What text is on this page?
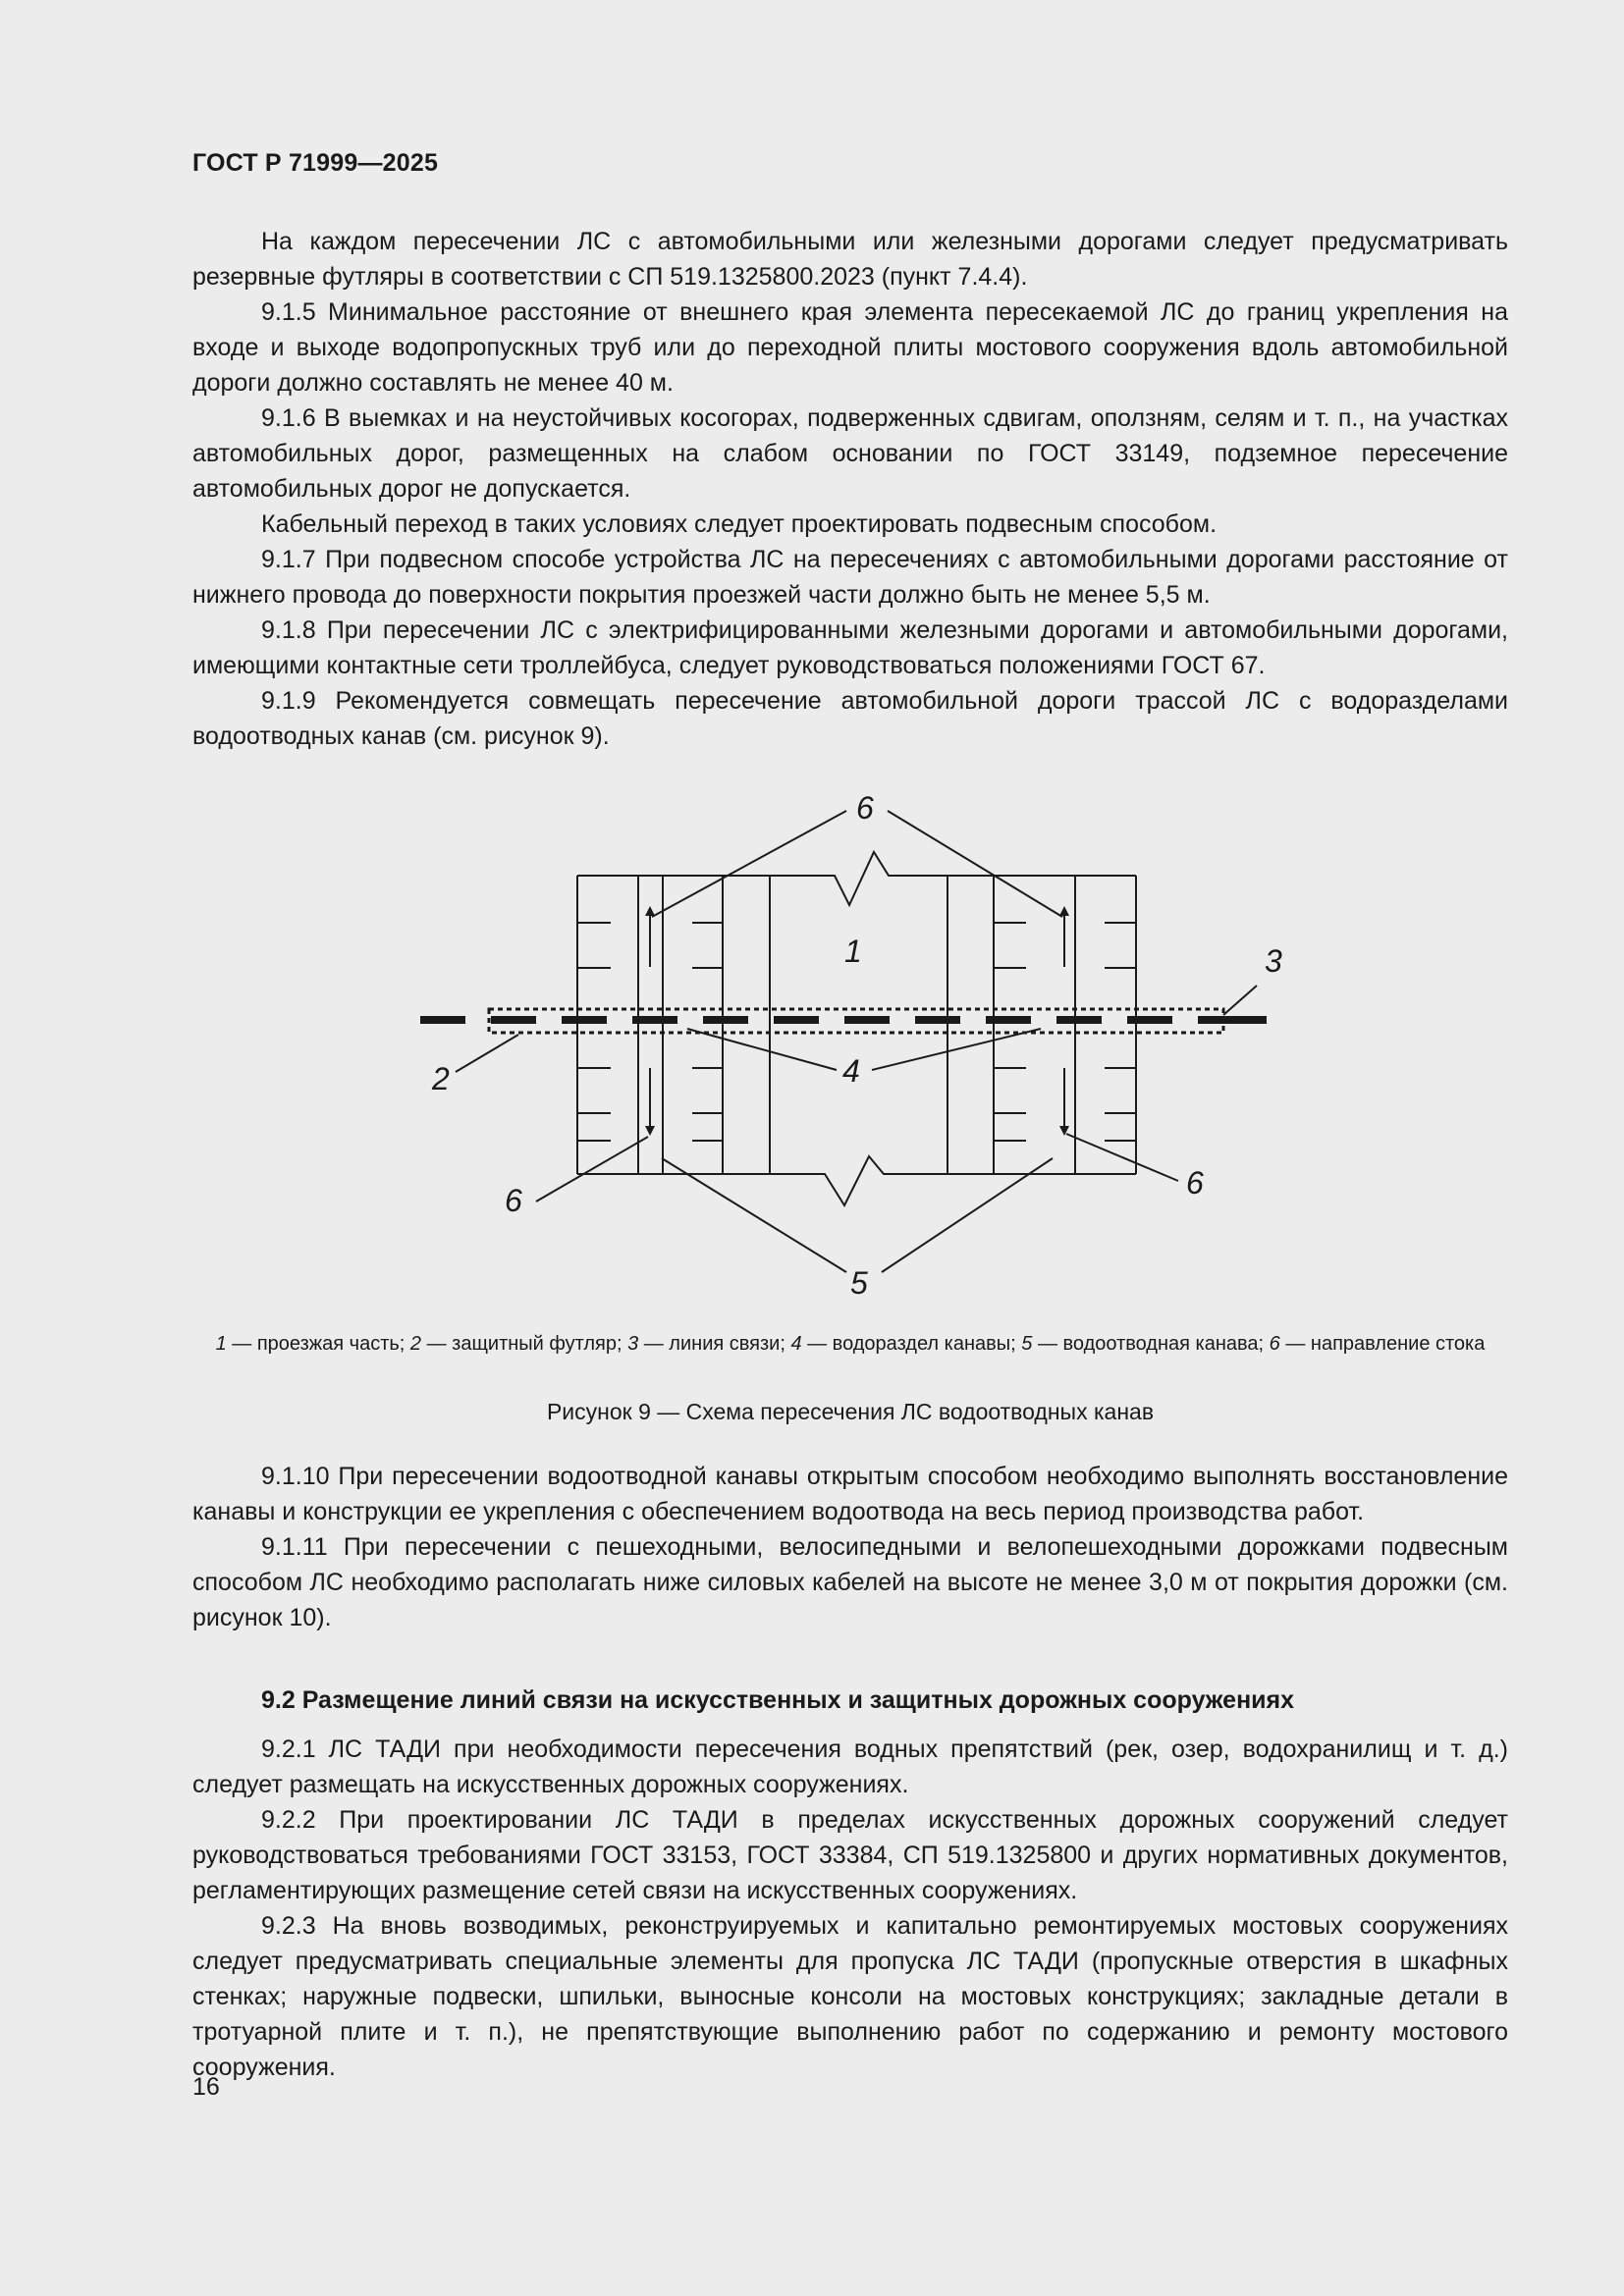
ГОСТ Р 71999—2025

На каждом пересечении ЛС с автомобильными или железными дорогами следует предусматривать резервные футляры в соответствии с СП 519.1325800.2023 (пункт 7.4.4).

9.1.5 Минимальное расстояние от внешнего края элемента пересекаемой ЛС до границ укрепления на входе и выходе водопропускных труб или до переходной плиты мостового сооружения вдоль автомобильной дороги должно составлять не менее 40 м.

9.1.6 В выемках и на неустойчивых косогорах, подверженных сдвигам, оползням, селям и т. п., на участках автомобильных дорог, размещенных на слабом основании по ГОСТ 33149, подземное пересечение автомобильных дорог не допускается.

Кабельный переход в таких условиях следует проектировать подвесным способом.

9.1.7 При подвесном способе устройства ЛС на пересечениях с автомобильными дорогами расстояние от нижнего провода до поверхности покрытия проезжей части должно быть не менее 5,5 м.

9.1.8 При пересечении ЛС с электрифицированными железными дорогами и автомобильными дорогами, имеющими контактные сети троллейбуса, следует руководствоваться положениями ГОСТ 67.

9.1.9 Рекомендуется совмещать пересечение автомобильной дороги трассой ЛС с водоразделами водоотводных канав (см. рисунок 9).

6
1	3
2	4
6	6
5
1 — проезжая часть; 2 — защитный футляр; 3 — линия связи; 4 — водораздел канавы; 5 — водоотводная канава; 6 — направление стока
Рисунок 9 — Схема пересечения ЛС водоотводных канав

9.1.10 При пересечении водоотводной канавы открытым способом необходимо выполнять восстановление канавы и конструкции ее укрепления с обеспечением водоотвода на весь период производства работ.

9.1.11 При пересечении с пешеходными, велосипедными и велопешеходными дорожками подвесным способом ЛС необходимо располагать ниже силовых кабелей на высоте не менее 3,0 м от покрытия дорожки (см. рисунок 10).

9.2 Размещение линий связи на искусственных и защитных дорожных сооружениях

9.2.1 ЛС ТАДИ при необходимости пересечения водных препятствий (рек, озер, водохранилищ и т. д.) следует размещать на искусственных дорожных сооружениях.

9.2.2 При проектировании ЛС ТАДИ в пределах искусственных дорожных сооружений следует руководствоваться требованиями ГОСТ 33153, ГОСТ 33384, СП 519.1325800 и других нормативных документов, регламентирующих размещение сетей связи на искусственных сооружениях.

9.2.3 На вновь возводимых, реконструируемых и капитально ремонтируемых мостовых сооружениях следует предусматривать специальные элементы для пропуска ЛС ТАДИ (пропускные отверстия в шкафных стенках; наружные подвески, шпильки, выносные консоли на мостовых конструкциях; закладные детали в тротуарной плите и т. п.), не препятствующие выполнению работ по содержанию и ремонту мостового сооружения.

16
